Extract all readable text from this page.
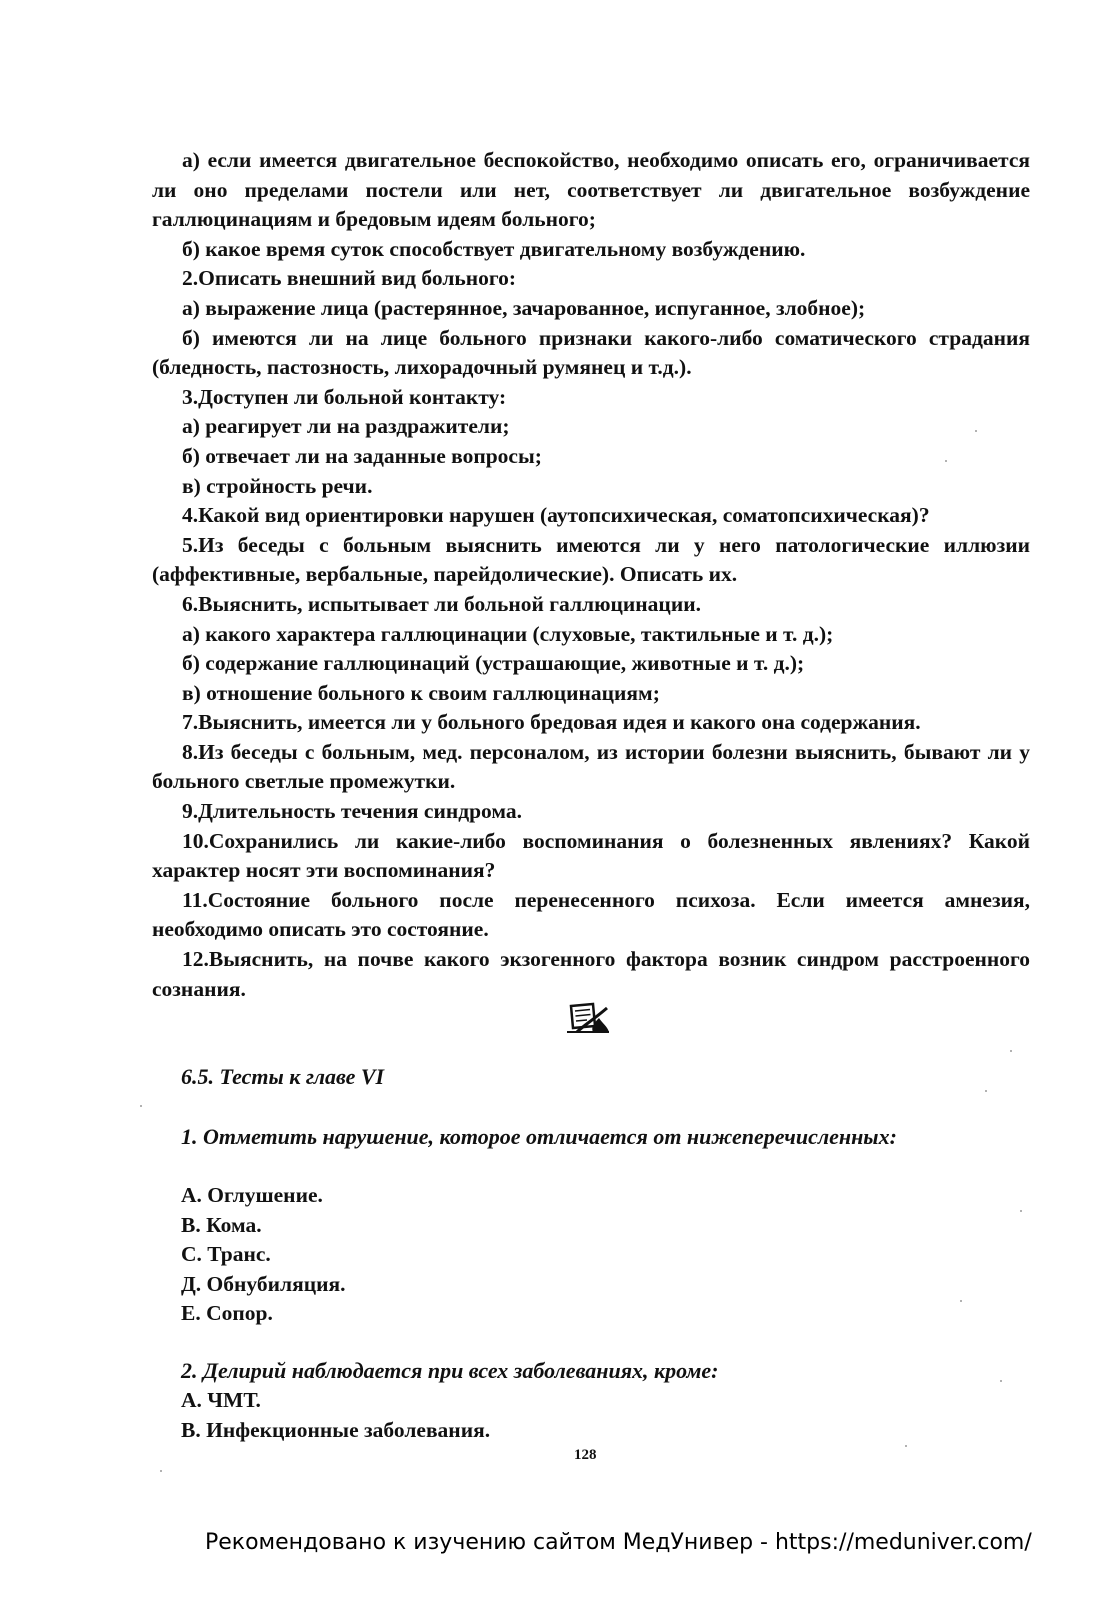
а) если имеется двигательное беспокойство, необходимо описать его, ограничивается ли оно пределами постели или нет, соответствует ли двигательное возбуждение галлюцинациям и бредовым идеям больного;

б) какое время суток способствует двигательному возбуждению.

2.Описать внешний вид больного:

а) выражение лица (растерянное, зачарованное, испуганное, злобное);

б) имеются ли на лице больного признаки какого-либо соматического страдания (бледность, пастозность, лихорадочный румянец и т.д.).

3.Доступен ли больной контакту:

а) реагирует ли на раздражители;

б) отвечает ли на заданные вопросы;

в) стройность речи.

4.Какой вид ориентировки нарушен (аутопсихическая, соматопсихическая)?

5.Из беседы с больным выяснить имеются ли у него патологические иллюзии (аффективные, вербальные, парейдолические). Описать их.

6.Выяснить, испытывает ли больной галлюцинации.

а) какого характера галлюцинации (слуховые, тактильные и т. д.);

б) содержание галлюцинаций (устрашающие, животные и т. д.);

в) отношение больного к своим галлюцинациям;

7.Выяснить, имеется ли у больного бредовая идея и какого она содержания.

8.Из беседы с больным, мед. персоналом, из истории болезни выяснить, бывают ли у больного светлые промежутки.

9.Длительность течения синдрома.

10.Сохранились ли какие-либо воспоминания о болезненных явлениях? Какой характер носят эти воспоминания?

11.Состояние больного после перенесенного психоза. Если имеется амнезия, необходимо описать это состояние.

12.Выяснить, на почве какого экзогенного фактора возник синдром расстроенного сознания.

6.5. Тесты к главе VI

1. Отметить нарушение, которое отличается от нижеперечисленных:

А. Оглушение.
В. Кома.
С. Транс.
Д. Обнубиляция.
Е. Сопор.

2. Делирий наблюдается при всех заболеваниях, кроме:

А. ЧМТ.
В. Инфекционные заболевания.
128
Рекомендовано к изучению сайтом МедУнивер - https://meduniver.com/
